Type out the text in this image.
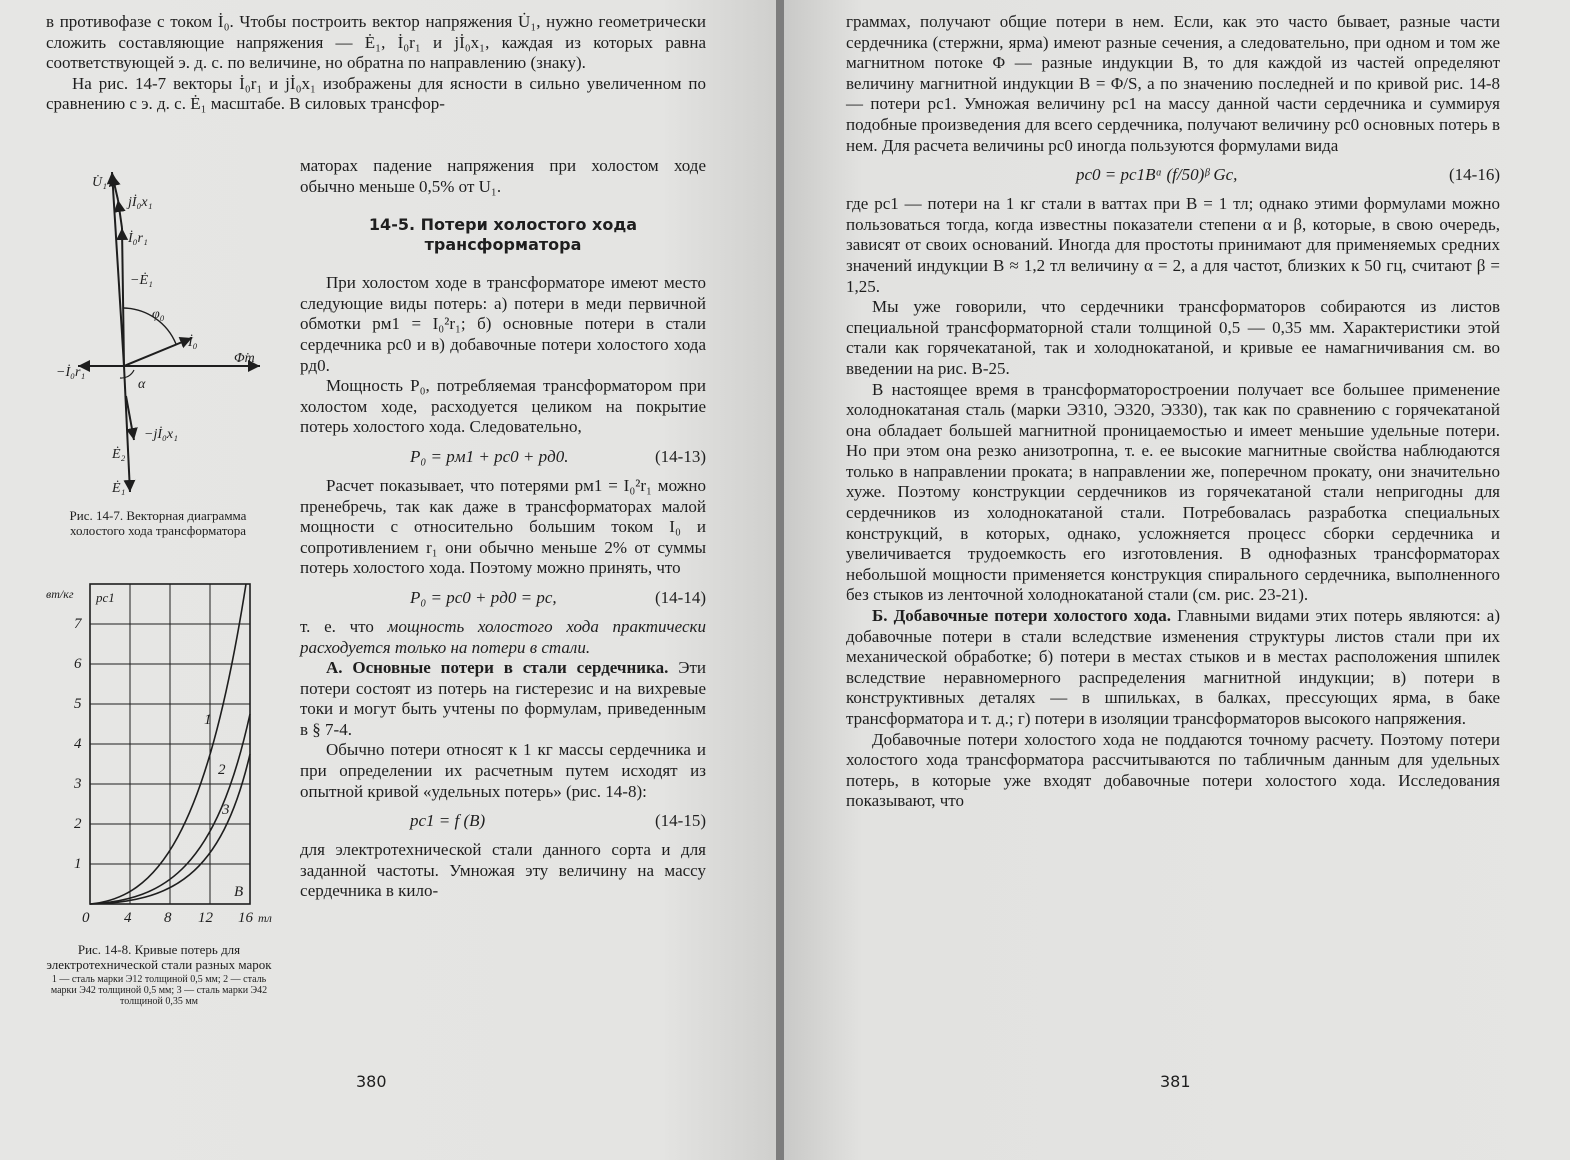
в противофазе с током İ₀. Чтобы построить вектор напряжения U̇₁, нужно геометрически сложить составляющие напряжения — Ė₁, İ₀r₁ и jİ₀x₁, каждая из которых равна соответствующей э. д. с. по величине, но обратна по направлению (знаку).

На рис. 14-7 векторы İ₀r₁ и jİ₀x₁ изображены для ясности в сильно увеличенном по сравнению с э. д. с. Ė₁ масштабе. В силовых трансфор-

U̇₁
jİ₀x₁
İ₀r₁
−Ė₁
φ₀
İ₀
Φ̇m
−İ₀r₁
α
−jİ₀x₁
Ė₂
Ė₁
Рис. 14-7. Векторная диаграмма холостого хода трансформатора
вт/кг pс1
7
6
5
4
3
2
1
0 4 8 12 16 тл
B
1
2
3
Рис. 14-8. Кривые потерь для электротехнической стали разных марок
1 — сталь марки Э12 толщиной 0,5 мм; 2 — сталь марки Э42 толщиной 0,5 мм; 3 — сталь марки Э42 толщиной 0,35 мм

маторах падение напряжения при холостом ходе обычно меньше 0,5% от U₁.

14-5. Потери холостого хода
трансформатора

При холостом ходе в трансформаторе имеют место следующие виды потерь: а) потери в меди первичной обмотки pм1 = I₀²r₁; б) основные потери в стали сердечника pс0 и в) добавочные потери холостого хода pд0.

Мощность P₀, потребляемая трансформатором при холостом ходе, расходуется целиком на покрытие потерь холостого хода. Следовательно,

P₀ = pм1 + pс0 + pд0.	(14-13)

Расчет показывает, что потерями pм1 = I₀²r₁ можно пренебречь, так как даже в трансформаторах малой мощности с относительно большим током I₀ и сопротивлением r₁ они обычно меньше 2% от суммы потерь холостого хода. Поэтому можно принять, что

P₀ = pс0 + pд0 = pс,	(14-14)

т. е. что мощность холостого хода практически расходуется только на потери в стали.

А. Основные потери в стали сердечника. Эти потери состоят из потерь на гистерезис и на вихревые токи и могут быть учтены по формулам, приведенным в § 7-4.

Обычно потери относят к 1 кг массы сердечника и при определении их расчетным путем исходят из опытной кривой «удельных потерь» (рис. 14-8):

pс1 = f (B)	(14-15)

для электротехнической стали данного сорта и для заданной частоты. Умножая эту величину на массу сердечника в кило-

380

граммах, получают общие потери в нем. Если, как это часто бывает, разные части сердечника (стержни, ярма) имеют разные сечения, а следовательно, при одном и том же магнитном потоке Φ — разные индукции B, то для каждой из частей определяют величину магнитной индукции B = Φ/S, а по значению последней и по кривой рис. 14-8 — потери pс1. Умножая величину pс1 на массу данной части сердечника и суммируя подобные произведения для всего сердечника, получают величину pс0 основных потерь в нем. Для расчета величины pс0 иногда пользуются формулами вида

pс0 = pс1Bᵅ (f/50)ᵝ Gс,	(14-16)

где pс1 — потери на 1 кг стали в ваттах при B = 1 тл; однако этими формулами можно пользоваться тогда, когда известны показатели степени α и β, которые, в свою очередь, зависят от своих оснований. Иногда для простоты принимают для применяемых средних значений индукции B ≈ 1,2 тл величину α = 2, а для частот, близких к 50 гц, считают β = 1,25.

Мы уже говорили, что сердечники трансформаторов собираются из листов специальной трансформаторной стали толщиной 0,5 — 0,35 мм. Характеристики этой стали как горячекатаной, так и холоднокатаной, и кривые ее намагничивания см. во введении на рис. В-25.

В настоящее время в трансформаторостроении получает все большее применение холоднокатаная сталь (марки Э310, Э320, Э330), так как по сравнению с горячекатаной она обладает большей магнитной проницаемостью и имеет меньшие удельные потери. Но при этом она резко анизотропна, т. е. ее высокие магнитные свойства наблюдаются только в направлении проката; в направлении же, поперечном прокату, они значительно хуже. Поэтому конструкции сердечников из горячекатаной стали непригодны для сердечников из холоднокатаной стали. Потребовалась разработка специальных конструкций, в которых, однако, усложняется процесс сборки сердечника и увеличивается трудоемкость его изготовления. В однофазных трансформаторах небольшой мощности применяется конструкция спирального сердечника, выполненного без стыков из ленточной холоднокатаной стали (см. рис. 23-21).

Б. Добавочные потери холостого хода. Главными видами этих потерь являются: а) добавочные потери в стали вследствие изменения структуры листов стали при их механической обработке; б) потери в местах стыков и в местах расположения шпилек вследствие неравномерного распределения магнитной индукции; в) потери в конструктивных деталях — в шпильках, в балках, прессующих ярма, в баке трансформатора и т. д.; г) потери в изоляции трансформаторов высокого напряжения.

Добавочные потери холостого хода не поддаются точному расчету. Поэтому потери холостого хода трансформатора рассчитываются по табличным данным для удельных потерь, в которые уже входят добавочные потери холостого хода. Исследования показывают, что

381
